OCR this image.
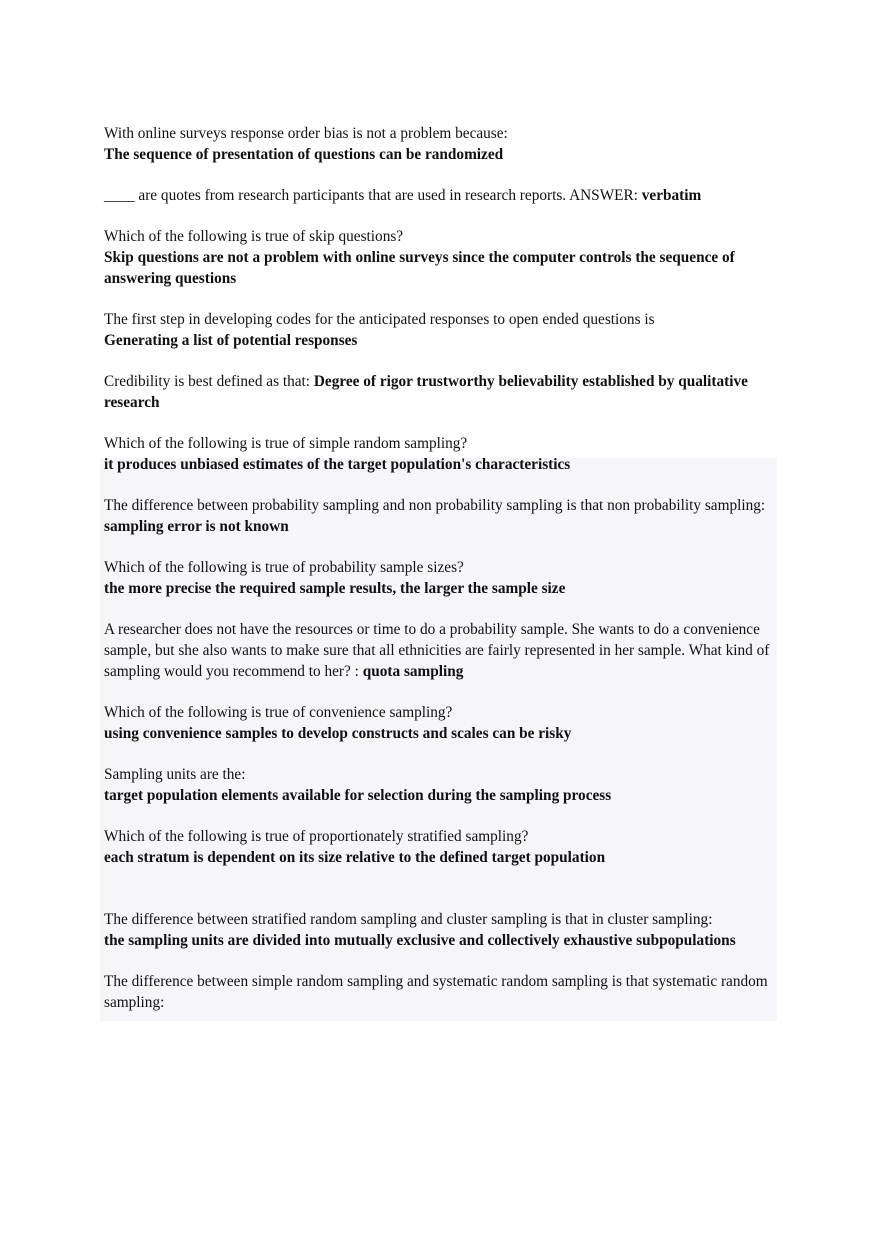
With online surveys response order bias is not a problem because:
The sequence of presentation of questions can be randomized
____ are quotes from research participants that are used in research reports. ANSWER: verbatim
Which of the following is true of skip questions?
Skip questions are not a problem with online surveys since the computer controls the sequence of answering questions
The first step in developing codes for the anticipated responses to open ended questions is
Generating a list of potential responses
Credibility is best defined as that: Degree of rigor trustworthy believability established by qualitative research
Which of the following is true of simple random sampling?
it produces unbiased estimates of the target population's characteristics
The difference between probability sampling and non probability sampling is that non probability sampling: sampling error is not known
Which of the following is true of probability sample sizes?
the more precise the required sample results, the larger the sample size
A researcher does not have the resources or time to do a probability sample. She wants to do a convenience sample, but she also wants to make sure that all ethnicities are fairly represented in her sample. What kind of sampling would you recommend to her? : quota sampling
Which of the following is true of convenience sampling?
using convenience samples to develop constructs and scales can be risky
Sampling units are the:
target population elements available for selection during the sampling process
Which of the following is true of proportionately stratified sampling?
each stratum is dependent on its size relative to the defined target population
The difference between stratified random sampling and cluster sampling is that in cluster sampling:
the sampling units are divided into mutually exclusive and collectively exhaustive subpopulations
The difference between simple random sampling and systematic random sampling is that systematic random sampling:
